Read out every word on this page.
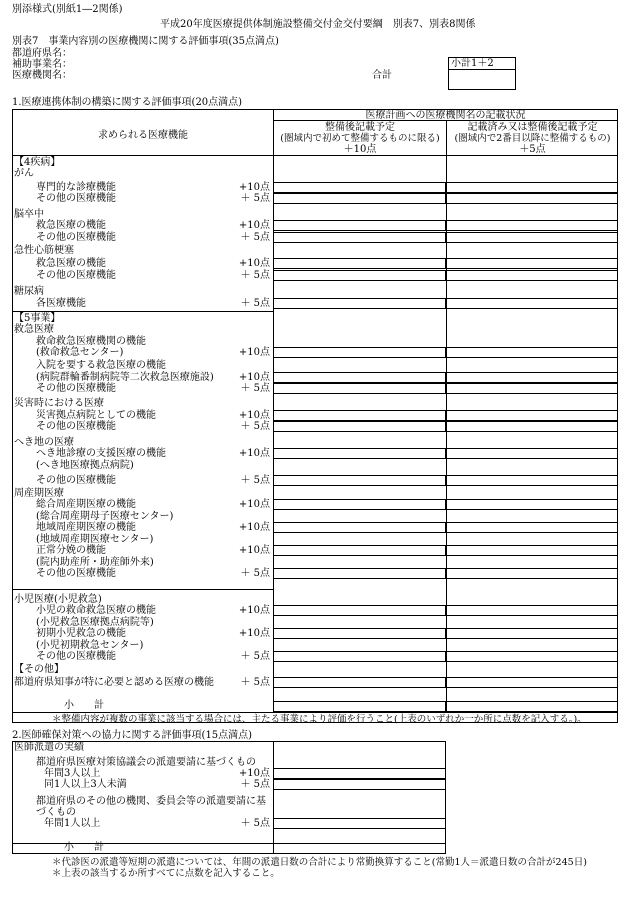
別添様式(別紙1―2関係)
平成20年度医療提供体制施設整備交付金交付要綱　別表7、別表8関係
別表7　事業内容別の医療機関に関する評価事項(35点満点)
都道府県名：
補助事業名：
医療機関名：	合計
小計1＋2
1.医療連携体制の構築に関する評価事項(20点満点)
求められる医療機能
医療計画への医療機関名の記載状況
整備後記載予定
(圏域内で初めて整備するものに限る)
＋10点
記載済み又は整備後記載予定
(圏域内で2番目以降に整備するもの)
＋5点
【4疾病】
がん
専門的な診療機能	+10点
その他の医療機能	＋ 5点
脳卒中
救急医療の機能	+10点
その他の医療機能	＋ 5点
急性心筋梗塞
救急医療の機能	+10点
その他の医療機能	＋ 5点
糖尿病
各医療機能	＋ 5点
【5事業】
救急医療
救命救急医療機関の機能
(救命救急センター)	+10点
入院を要する救急医療の機能
(病院群輪番制病院等二次救急医療施設)	+10点
その他の医療機能	＋ 5点
災害時における医療
災害拠点病院としての機能	+10点
その他の医療機能	＋ 5点
へき地の医療
へき地診療の支援医療の機能	+10点
(へき地医療拠点病院)
その他の医療機能	＋ 5点
周産期医療
総合周産期医療の機能	+10点
(総合周産期母子医療センター)
地域周産期医療の機能	+10点
(地域周産期医療センター)
正常分娩の機能	+10点
(院内助産所・助産師外来)
その他の医療機能	＋ 5点
小児医療(小児救急)
小児の救命救急医療の機能	+10点
(小児救急医療拠点病院等)
初期小児救急の機能	+10点
(小児初期救急センター)
その他の医療機能	＋ 5点
【その他】
都道府県知事が特に必要と認める医療の機能	＋ 5点
小　　計
＊整備内容が複数の事業に該当する場合には、主たる事業により評価を行うこと(上表のいずれか一か所に点数を記入する。)。
2.医師確保対策への協力に関する評価事項(15点満点)
医師派遣の実績
都道府県医療対策協議会の派遣要請に基づくもの
年間3人以上	+10点
同1人以上3人未満	＋ 5点
都道府県のその他の機関、委員会等の派遣要請に基
づくもの
年間1人以上	＋ 5点
小　　計
＊代診医の派遣等短期の派遣については、年間の派遣日数の合計により常勤換算すること(常勤1人＝派遣日数の合計が245日)
＊上表の該当するか所すべてに点数を記入すること。
